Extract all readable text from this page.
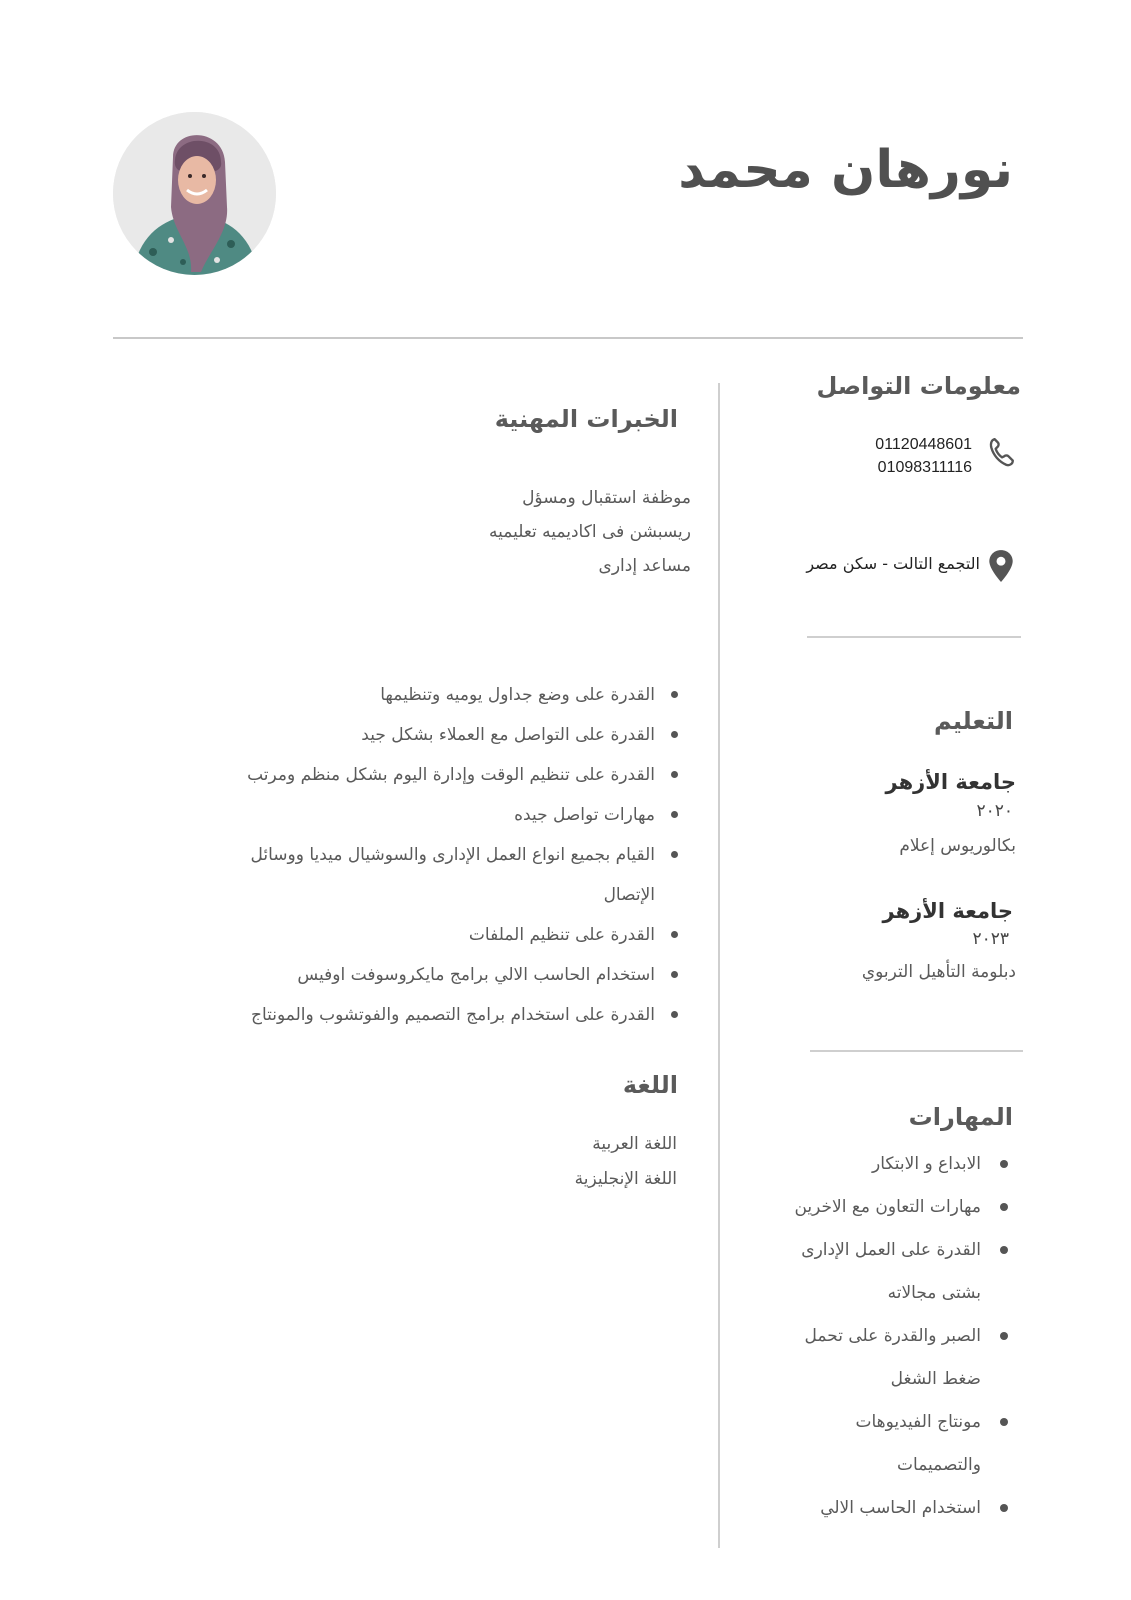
نورهان محمد
معلومات التواصل
01120448601
01098311116
التجمع التالت - سكن مصر
التعليم
جامعة الأزهر
٢٠٢٠
بكالوريوس إعلام
جامعة الأزهر
٢٠٢٣
دبلومة التأهيل التربوي
المهارات
الابداع و الابتكار
مهارات التعاون مع الاخرين
القدرة على العمل الإدارى بشتى مجالاته
الصبر والقدرة على تحمل ضغط الشغل
مونتاج الفيديوهات والتصميمات
استخدام الحاسب الالي
الخبرات المهنية
موظفة استقبال ومسؤل
ريسبشن فى اكاديميه تعليميه
مساعد إدارى
القدرة على وضع جداول يوميه وتنظيمها
القدرة على التواصل مع العملاء بشكل جيد
القدرة على تنظيم الوقت وإدارة اليوم بشكل منظم ومرتب
مهارات تواصل جيده
القيام بجميع انواع العمل الإدارى والسوشيال ميديا ووسائل الإتصال
القدرة على تنظيم الملفات
استخدام الحاسب الالي برامج مايكروسوفت اوفيس
القدرة على استخدام برامج التصميم والفوتشوب والمونتاج
اللغة
اللغة العربية
اللغة الإنجليزية
